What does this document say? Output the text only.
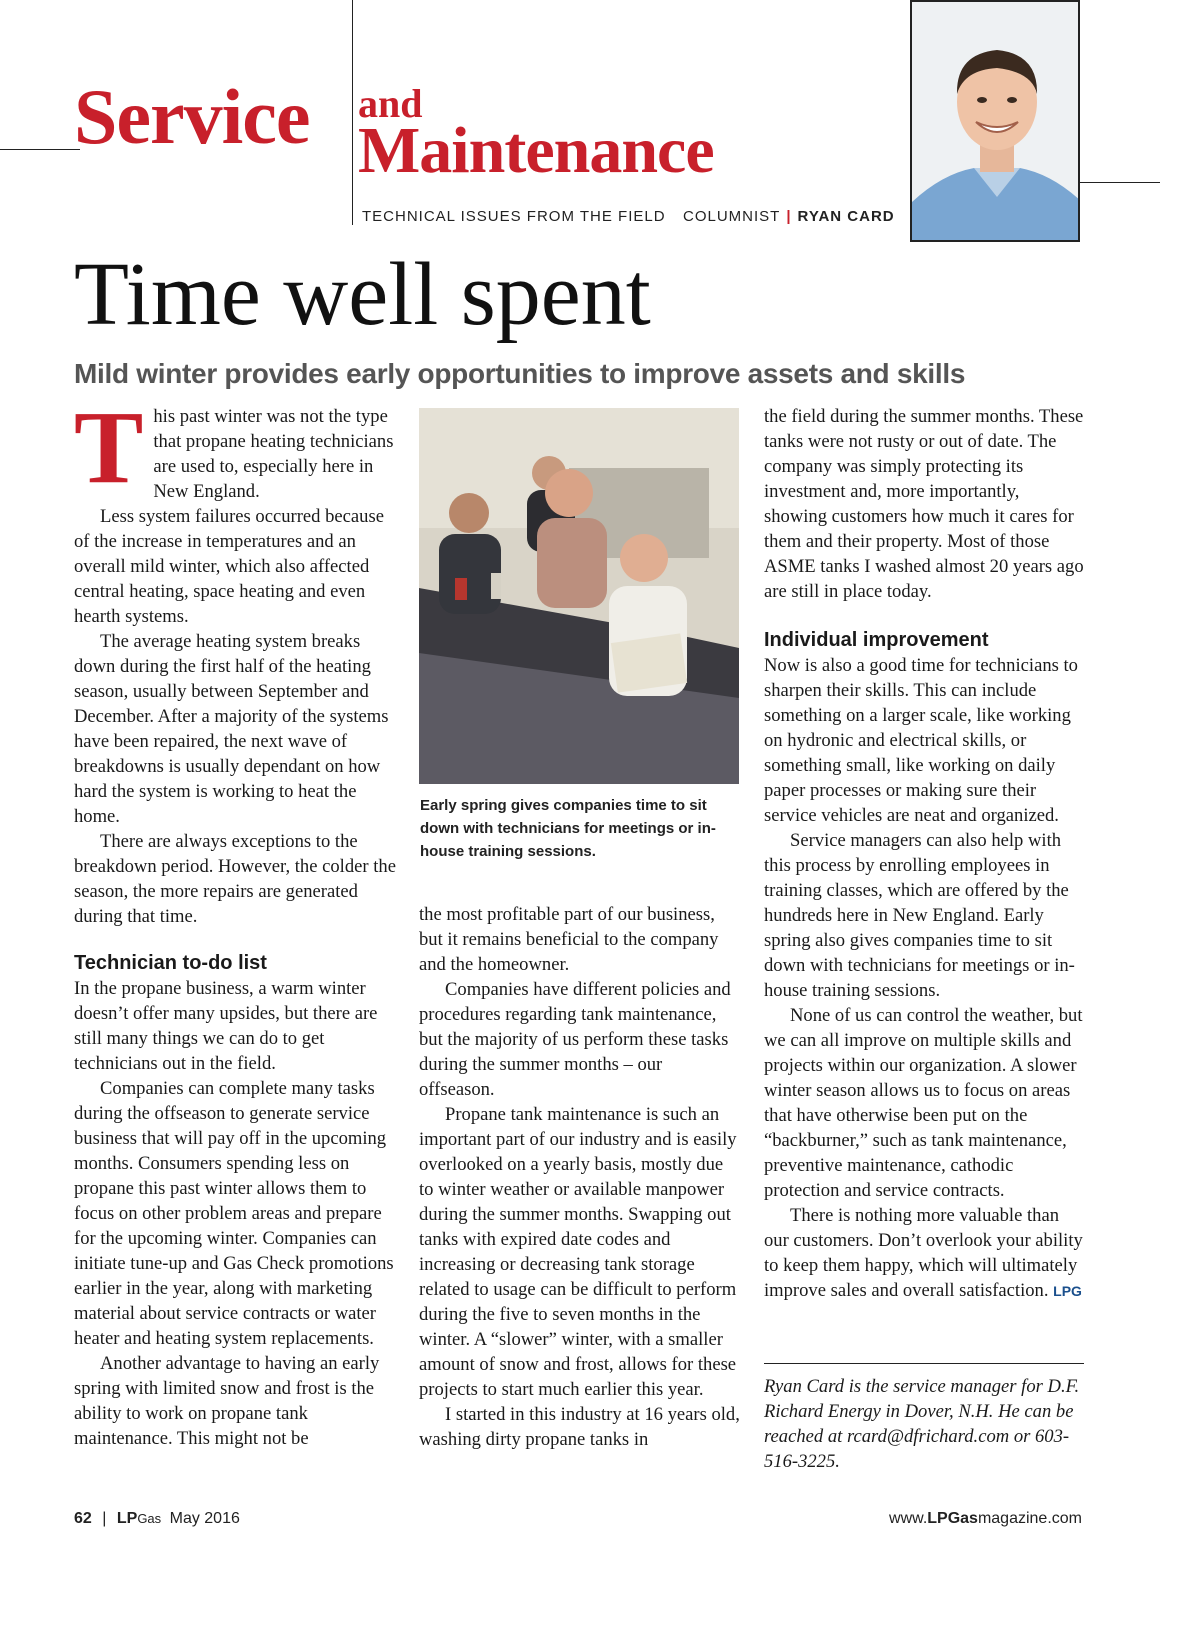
Service and
Maintenance
TECHNICAL ISSUES FROM THE FIELD COLUMNIST | RYAN CARD
Time well spent
Mild winter provides early opportunities to improve assets and skills
T his past winter was not the type that propane heating technicians are used to, especially here in New England.

Less system failures occurred because of the increase in temperatures and an overall mild winter, which also affected central heating, space heating and even hearth systems.

The average heating system breaks down during the first half of the heating season, usually between September and December. After a majority of the systems have been repaired, the next wave of breakdowns is usually dependant on how hard the system is working to heat the home.

There are always exceptions to the breakdown period. However, the colder the season, the more repairs are generated during that time.

Technician to-do list

In the propane business, a warm winter doesn’t offer many upsides, but there are still many things we can do to get technicians out in the field.

Companies can complete many tasks during the offseason to generate service business that will pay off in the upcoming months. Consumers spending less on propane this past winter allows them to focus on other problem areas and prepare for the upcoming winter. Companies can initiate tune-up and Gas Check promotions earlier in the year, along with marketing material about service contracts or water heater and heating system replacements.

Another advantage to having an early spring with limited snow and frost is the ability to work on propane tank maintenance. This might not be

Early spring gives companies time to sit down with technicians for meetings or in-house training sessions.

the most profitable part of our business, but it remains beneficial to the company and the homeowner.

Companies have different policies and procedures regarding tank maintenance, but the majority of us perform these tasks during the summer months – our offseason.

Propane tank maintenance is such an important part of our industry and is easily overlooked on a yearly basis, mostly due to winter weather or available manpower during the summer months. Swapping out tanks with expired date codes and increasing or decreasing tank storage related to usage can be difficult to perform during the five to seven months in the winter. A “slower” winter, with a smaller amount of snow and frost, allows for these projects to start much earlier this year.

I started in this industry at 16 years old, washing dirty propane tanks in

the field during the summer months. These tanks were not rusty or out of date. The company was simply protecting its investment and, more importantly, showing customers how much it cares for them and their property. Most of those ASME tanks I washed almost 20 years ago are still in place today.

Individual improvement

Now is also a good time for technicians to sharpen their skills. This can include something on a larger scale, like working on hydronic and electrical skills, or something small, like working on daily paper processes or making sure their service vehicles are neat and organized.

Service managers can also help with this process by enrolling employees in training classes, which are offered by the hundreds here in New England. Early spring also gives companies time to sit down with technicians for meetings or in-house training sessions.

None of us can control the weather, but we can all improve on multiple skills and projects within our organization. A slower winter season allows us to focus on areas that have otherwise been put on the “backburner,” such as tank maintenance, preventive maintenance, cathodic protection and service contracts.

There is nothing more valuable than our customers. Don’t overlook your ability to keep them happy, which will ultimately improve sales and overall satisfaction. LPG

Ryan Card is the service manager for D.F. Richard Energy in Dover, N.H. He can be reached at rcard@dfrichard.com or 603-516-3225.
62 | LPGas May 2016	www.LPGasmagazine.com
